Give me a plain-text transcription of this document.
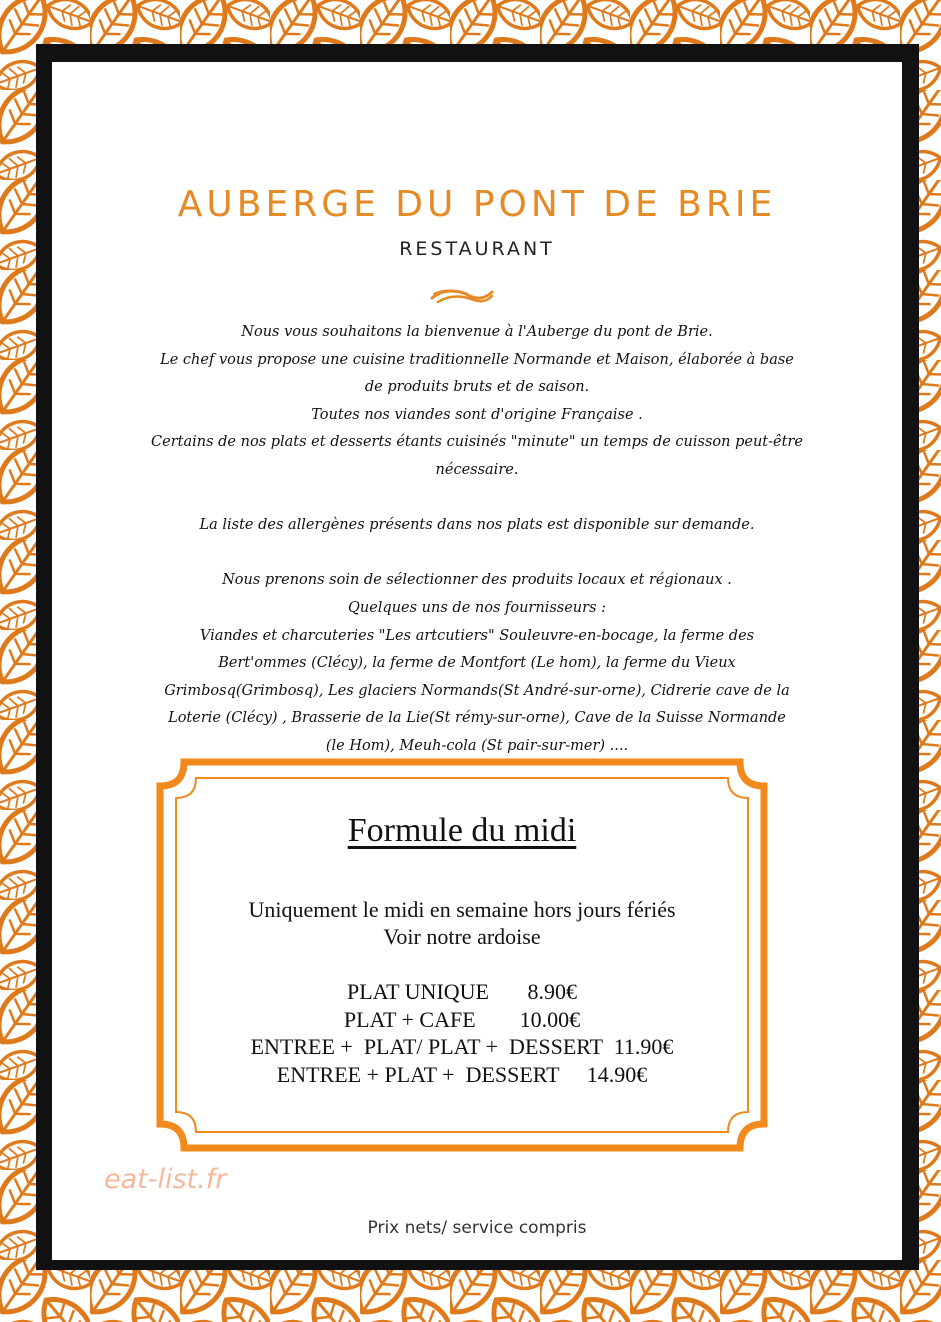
AUBERGE DU PONT DE BRIE
RESTAURANT

Nous vous souhaitons la bienvenue à l'Auberge du pont de Brie.

Le chef vous propose une cuisine traditionnelle Normande et Maison, élaborée à base

de produits bruts et de saison.

Toutes nos viandes sont d'origine Française .

Certains de nos plats et desserts étants cuisinés "minute" un temps de cuisson peut-être

nécessaire.

La liste des allergènes présents dans nos plats est disponible sur demande.

Nous prenons soin de sélectionner des produits locaux et régionaux .

Quelques uns de nos fournisseurs :

Viandes et charcuteries "Les artcutiers" Souleuvre-en-bocage, la ferme des

Bert'ommes (Clécy), la ferme de Montfort (Le hom), la ferme du Vieux

Grimbosq(Grimbosq), Les glaciers Normands(St André-sur-orne), Cidrerie cave de la

Loterie (Clécy) , Brasserie de la Lie(St rémy-sur-orne), Cave de la Suisse Normande

(le Hom), Meuh-cola (St pair-sur-mer) ....

Formule du midi
Uniquement le midi en semaine hors jours fériés
Voir notre ardoise
PLAT UNIQUE       8.90€
PLAT + CAFE        10.00€
ENTREE +  PLAT/ PLAT +  DESSERT  11.90€
ENTREE + PLAT +  DESSERT     14.90€
eat-list.fr
Prix nets/ service compris
